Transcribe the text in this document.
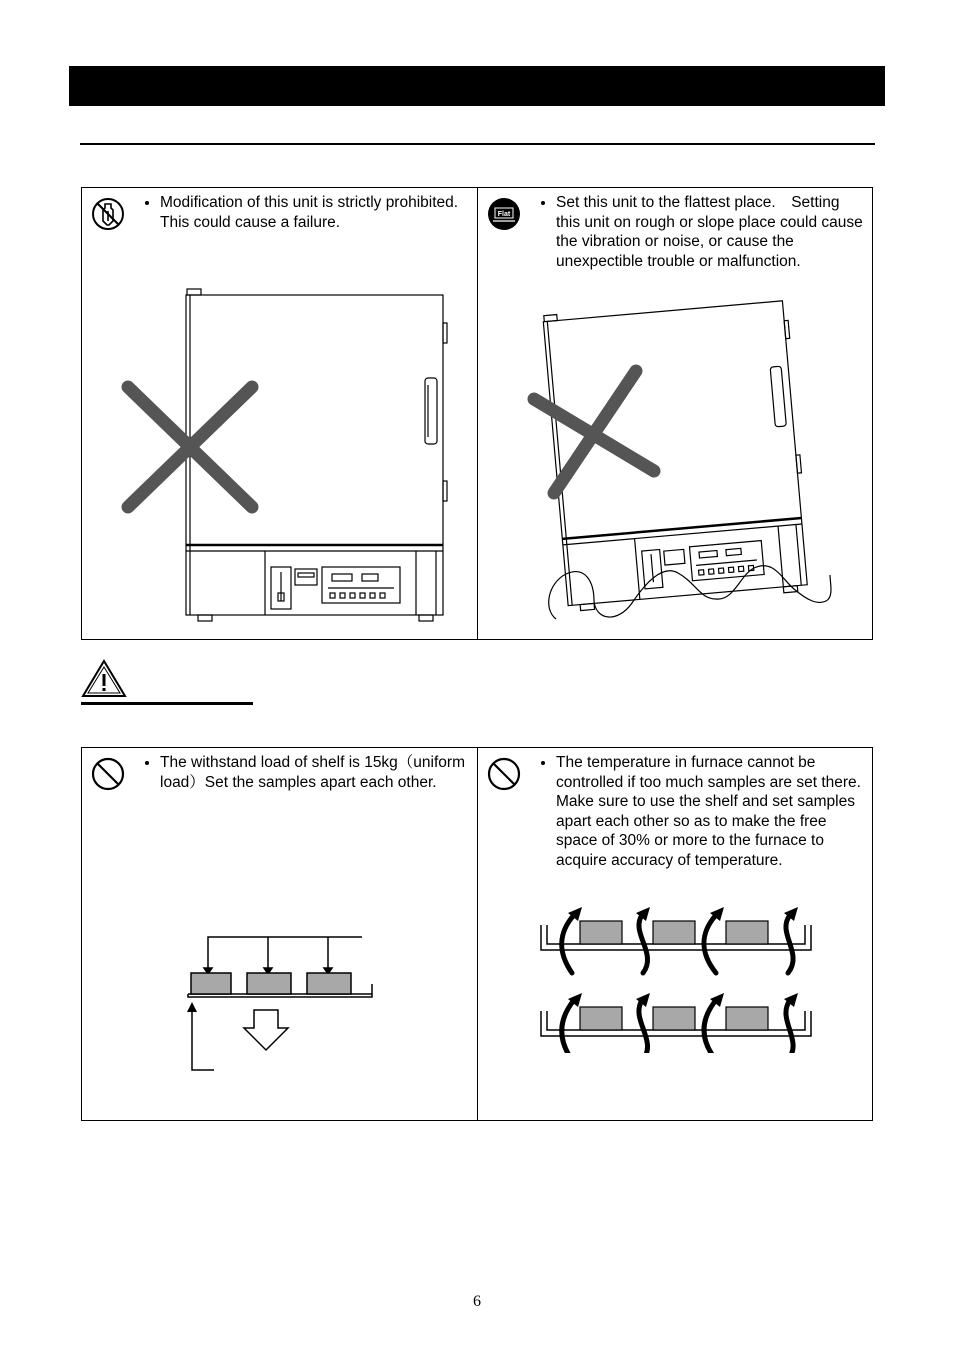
• Modification of this unit is strictly prohibited. This could cause a failure.	Flat
• Set this unit to the flattest place.　Setting this unit on rough or slope place could cause the vibration or noise, or cause the unexpectible trouble or malfunction.
• The withstand load of shelf is 15kg（uniform load）Set the samples apart each other.
• The temperature in furnace cannot be controlled if too much samples are set there.　Make sure to use the shelf and set samples apart each other so as to make the free space of 30% or more to the furnace to acquire accuracy of temperature.
6
